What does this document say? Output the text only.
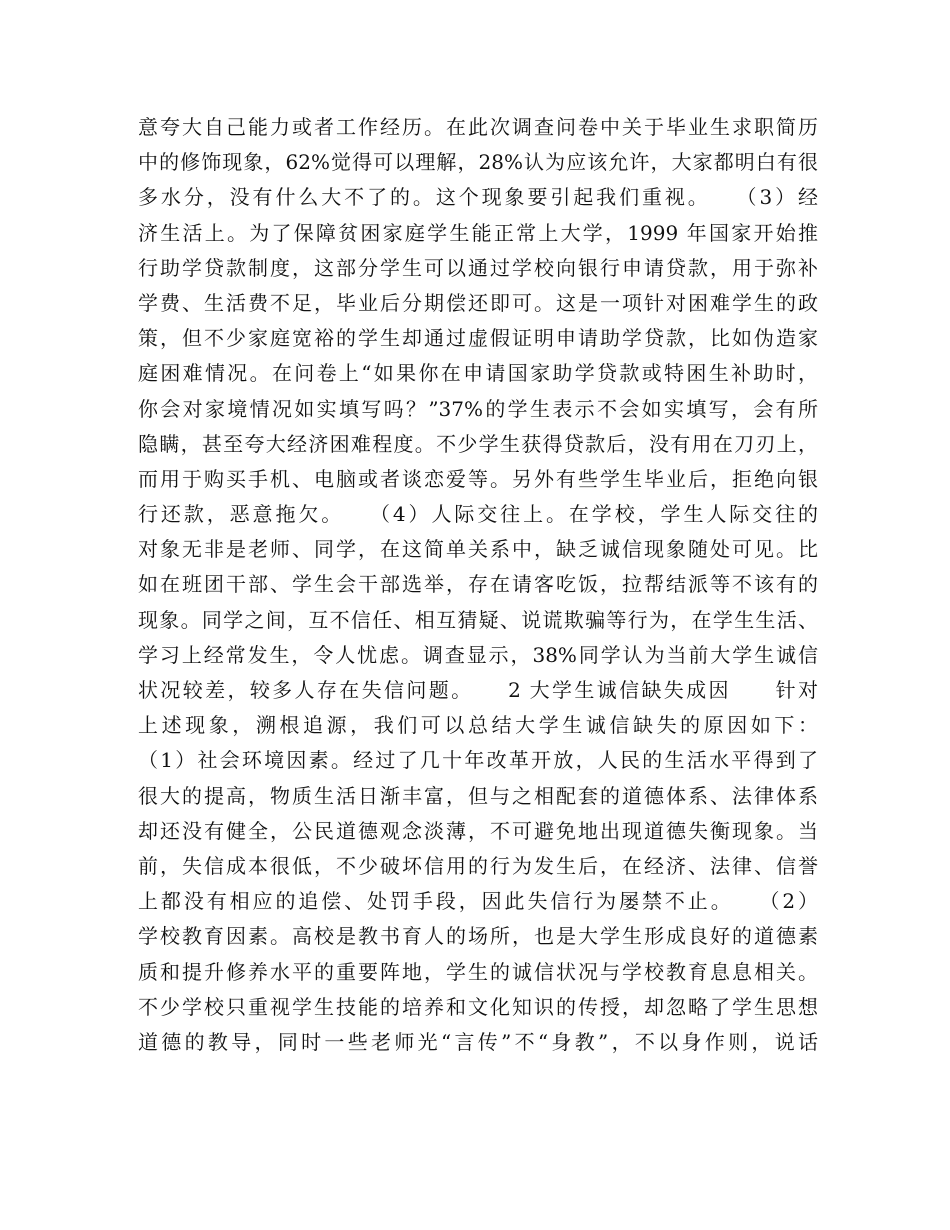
意夸大自己能力或者工作经历。在此次调查问卷中关于毕业生求职简历
中的修饰现象，62%觉得可以理解，28%认为应该允许，大家都明白有很
多水分，没有什么大不了的。这个现象要引起我们重视。　　（3）经
济生活上。为了保障贫困家庭学生能正常上大学，1999 年国家开始推
行助学贷款制度，这部分学生可以通过学校向银行申请贷款，用于弥补
学费、生活费不足，毕业后分期偿还即可。这是一项针对困难学生的政
策，但不少家庭宽裕的学生却通过虚假证明申请助学贷款，比如伪造家
庭困难情况。在问卷上“如果你在申请国家助学贷款或特困生补助时，
你会对家境情况如实填写吗？”37%的学生表示不会如实填写，会有所
隐瞒，甚至夸大经济困难程度。不少学生获得贷款后，没有用在刀刃上，
而用于购买手机、电脑或者谈恋爱等。另外有些学生毕业后，拒绝向银
行还款，恶意拖欠。　　（4）人际交往上。在学校，学生人际交往的
对象无非是老师、同学，在这简单关系中，缺乏诚信现象随处可见。比
如在班团干部、学生会干部选举，存在请客吃饭，拉帮结派等不该有的
现象。同学之间，互不信任、相互猜疑、说谎欺骗等行为，在学生生活、
学习上经常发生，令人忧虑。调查显示，38%同学认为当前大学生诚信
状况较差，较多人存在失信问题。　　2 大学生诚信缺失成因　　针对
上述现象，溯根追源，我们可以总结大学生诚信缺失的原因如下：
（1）社会环境因素。经过了几十年改革开放，人民的生活水平得到了
很大的提高，物质生活日渐丰富，但与之相配套的道德体系、法律体系
却还没有健全，公民道德观念淡薄，不可避免地出现道德失衡现象。当
前，失信成本很低，不少破坏信用的行为发生后，在经济、法律、信誉
上都没有相应的追偿、处罚手段，因此失信行为屡禁不止。　　（2）
学校教育因素。高校是教书育人的场所，也是大学生形成良好的道德素
质和提升修养水平的重要阵地，学生的诚信状况与学校教育息息相关。
不少学校只重视学生技能的培养和文化知识的传授，却忽略了学生思想
道德的教导，同时一些老师光“言传”不“身教”，不以身作则，说话
